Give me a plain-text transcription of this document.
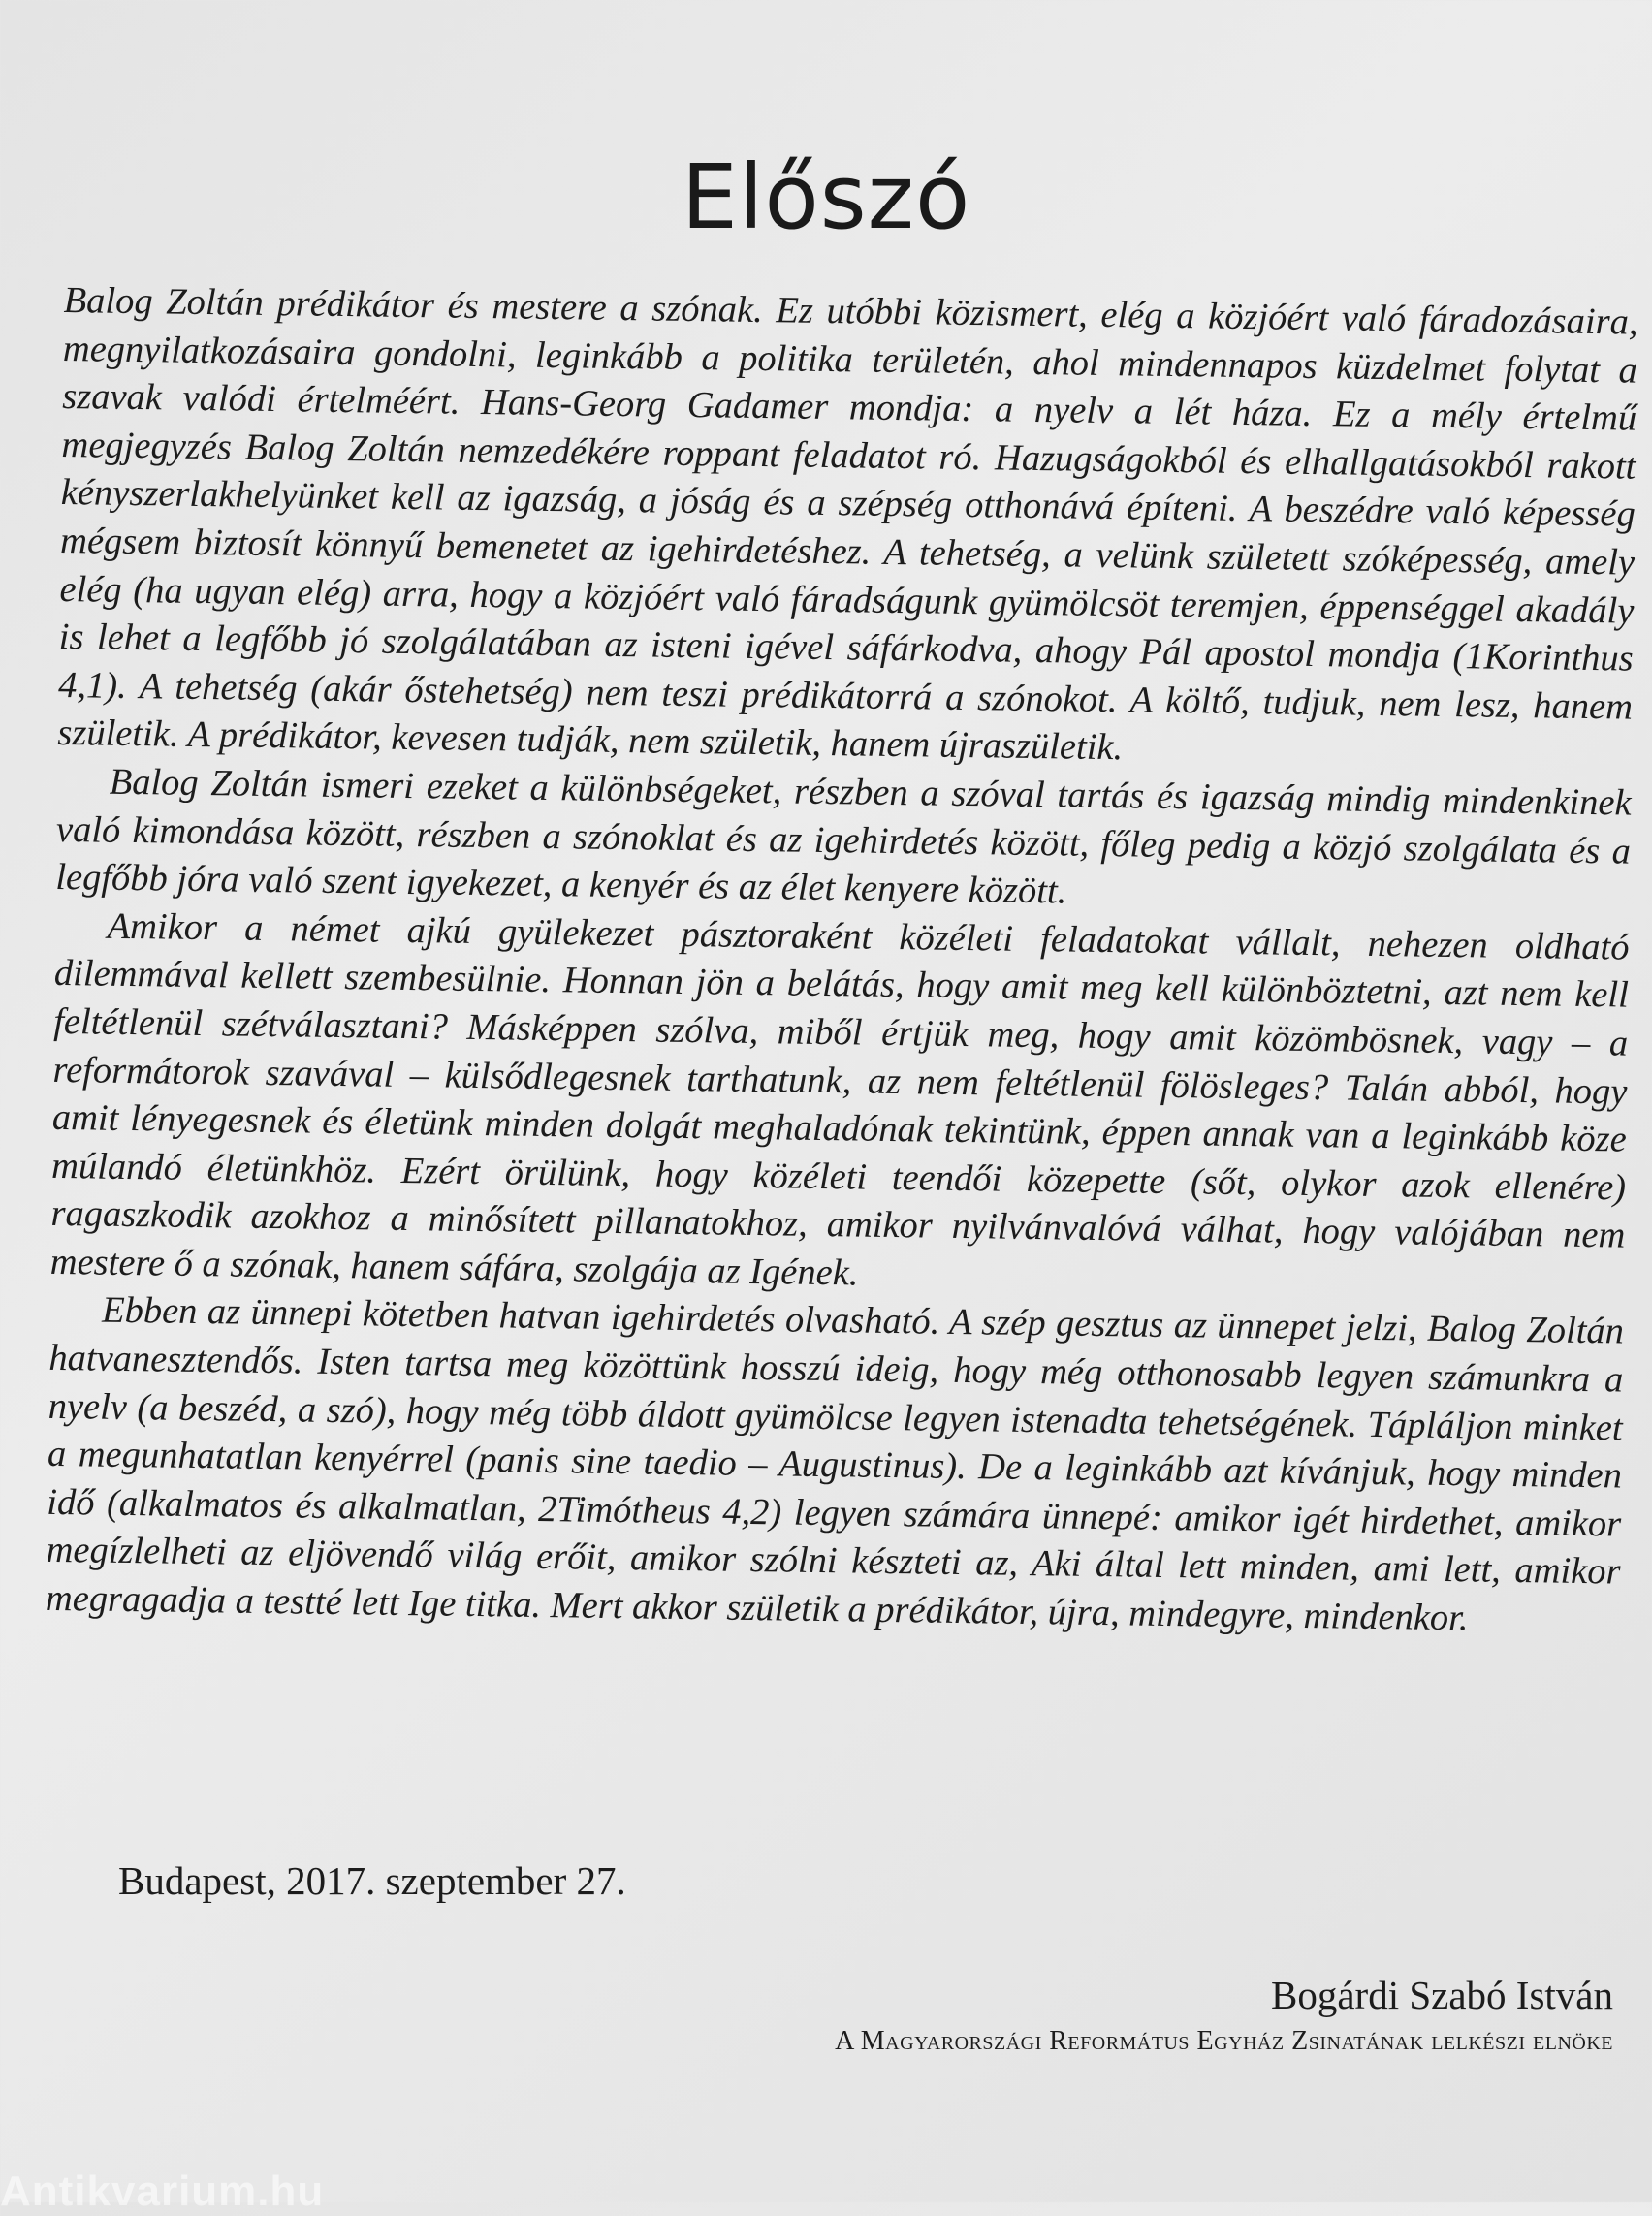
Előszó

Balog Zoltán prédikátor és mestere a szónak. Ez utóbbi közismert, elég a közjóért való fáradozásaira, megnyilatkozásaira gondolni, leginkább a politika területén, ahol mindennapos küzdelmet folytat a szavak valódi értelméért. Hans-Georg Gadamer mondja: a nyelv a lét háza. Ez a mély értelmű megjegyzés Balog Zoltán nemzedékére roppant feladatot ró. Hazugságokból és elhallgatásokból rakott kényszerlakhelyünket kell az igazság, a jóság és a szépség otthonává építeni. A beszédre való képesség mégsem biztosít könnyű bemenetet az igehirdetéshez. A tehetség, a velünk született szóképesség, amely elég (ha ugyan elég) arra, hogy a közjóért való fáradságunk gyümölcsöt teremjen, éppenséggel akadály is lehet a legfőbb jó szolgálatában az isteni igével sáfárkodva, ahogy Pál apostol mondja (1Korinthus 4,1). A tehetség (akár őstehetség) nem teszi prédikátorrá a szónokot. A költő, tudjuk, nem lesz, hanem születik. A prédikátor, kevesen tudják, nem születik, hanem újraszületik.

Balog Zoltán ismeri ezeket a különbségeket, részben a szóval tartás és igazság mindig mindenkinek való kimondása között, részben a szónoklat és az igehirdetés között, főleg pedig a közjó szolgálata és a legfőbb jóra való szent igyekezet, a kenyér és az élet kenyere között.

Amikor a német ajkú gyülekezet pásztoraként közéleti feladatokat vállalt, nehezen oldható dilemmával kellett szembesülnie. Honnan jön a belátás, hogy amit meg kell különböztetni, azt nem kell feltétlenül szétválasztani? Másképpen szólva, miből értjük meg, hogy amit közömbösnek, vagy – a reformátorok szavával – külsődlegesnek tarthatunk, az nem feltétlenül fölösleges? Talán abból, hogy amit lényegesnek és életünk minden dolgát meghaladónak tekintünk, éppen annak van a leginkább köze múlandó életünkhöz. Ezért örülünk, hogy közéleti teendői közepette (sőt, olykor azok ellenére) ragaszkodik azokhoz a minősített pillanatokhoz, amikor nyilvánvalóvá válhat, hogy valójában nem mestere ő a szónak, hanem sáfára, szolgája az Igének.

Ebben az ünnepi kötetben hatvan igehirdetés olvasható. A szép gesztus az ünnepet jelzi, Balog Zoltán hatvanesztendős. Isten tartsa meg közöttünk hosszú ideig, hogy még otthonosabb legyen számunkra a nyelv (a beszéd, a szó), hogy még több áldott gyümölcse legyen istenadta tehetségének. Tápláljon minket a megunhatatlan kenyérrel (panis sine taedio – Augustinus). De a leginkább azt kívánjuk, hogy minden idő (alkalmatos és alkalmatlan, 2Timótheus 4,2) legyen számára ünnepé: amikor igét hirdethet, amikor megízlelheti az eljövendő világ erőit, amikor szólni készteti az, Aki által lett minden, ami lett, amikor megragadja a testté lett Ige titka. Mert akkor születik a prédikátor, újra, mindegyre, mindenkor.

Budapest, 2017. szeptember 27.
Bogárdi Szabó István
A Magyarországi Református Egyház Zsinatának lelkészi elnöke
Antikvarium.hu
